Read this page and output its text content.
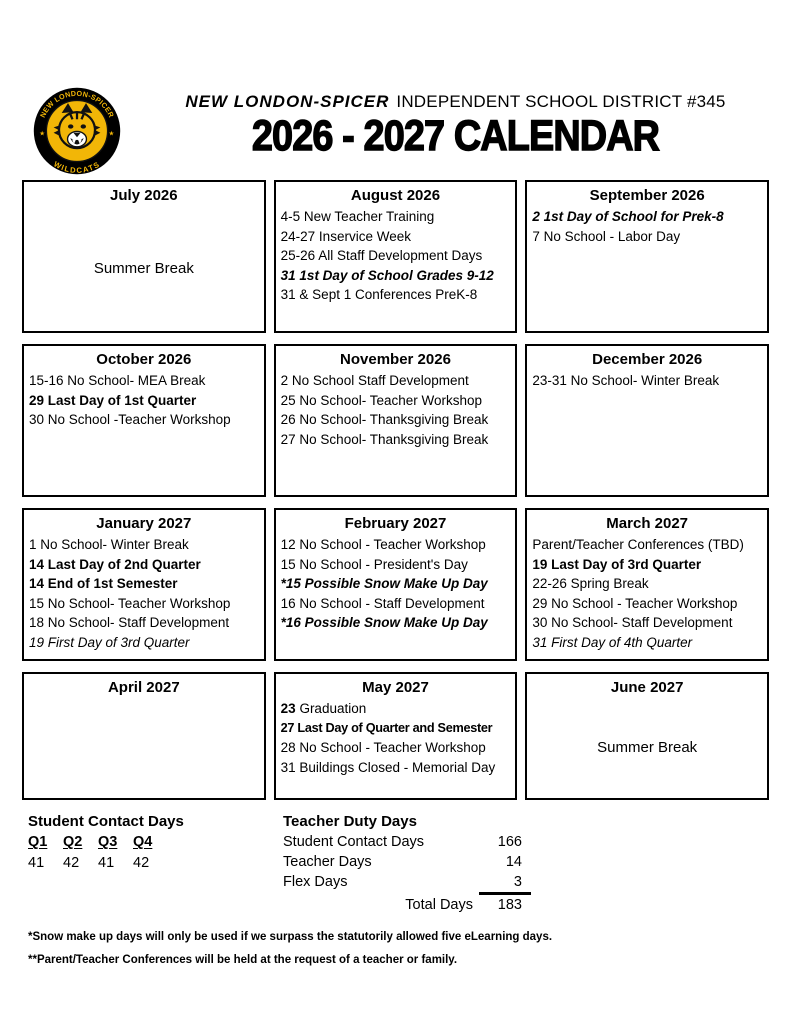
NEW LONDON-SPICER
WILDCATS
★	★
NEW LONDON-SPICER INDEPENDENT SCHOOL DISTRICT #345
2026 - 2027 CALENDAR
July 2026
Summer Break
August 2026
4-5 New Teacher Training
24-27 Inservice Week
25-26 All Staff Development Days
31 1st Day of School Grades 9-12
31 & Sept 1 Conferences PreK-8
September 2026
2 1st Day of School for Prek-8
7 No School - Labor Day
October 2026
15-16 No School- MEA Break
29 Last Day of 1st Quarter
30 No School -Teacher Workshop
November 2026
2 No School Staff Development
25 No School- Teacher Workshop
26 No School- Thanksgiving Break
27 No School- Thanksgiving Break
December 2026
23-31 No School- Winter Break
January 2027
1 No School- Winter Break
14 Last Day of 2nd Quarter
14 End of 1st Semester
15 No School- Teacher Workshop
18 No School- Staff Development
19 First Day of 3rd Quarter
February 2027
12 No School - Teacher Workshop
15 No School - President's Day
*15 Possible Snow Make Up Day
16 No School - Staff Development
*16 Possible Snow Make Up Day
March 2027
Parent/Teacher Conferences (TBD)
19 Last Day of 3rd Quarter
22-26 Spring Break
29 No School - Teacher Workshop
30 No School- Staff Development
31 First Day of 4th Quarter
April 2027	May 2027
23 Graduation
27 Last Day of Quarter and Semester
28 No School - Teacher Workshop
31 Buildings Closed - Memorial Day
June 2027
Summer Break
Student Contact Days
Q1	Q2	Q3	Q4
41	42	41	42
Teacher Duty Days
Student Contact Days	166
Teacher Days	14
Flex Days	3
Total Days	183
*Snow make up days will only be used if we surpass the statutorily allowed five eLearning days.
**Parent/Teacher Conferences will be held at the request of a teacher or family.
